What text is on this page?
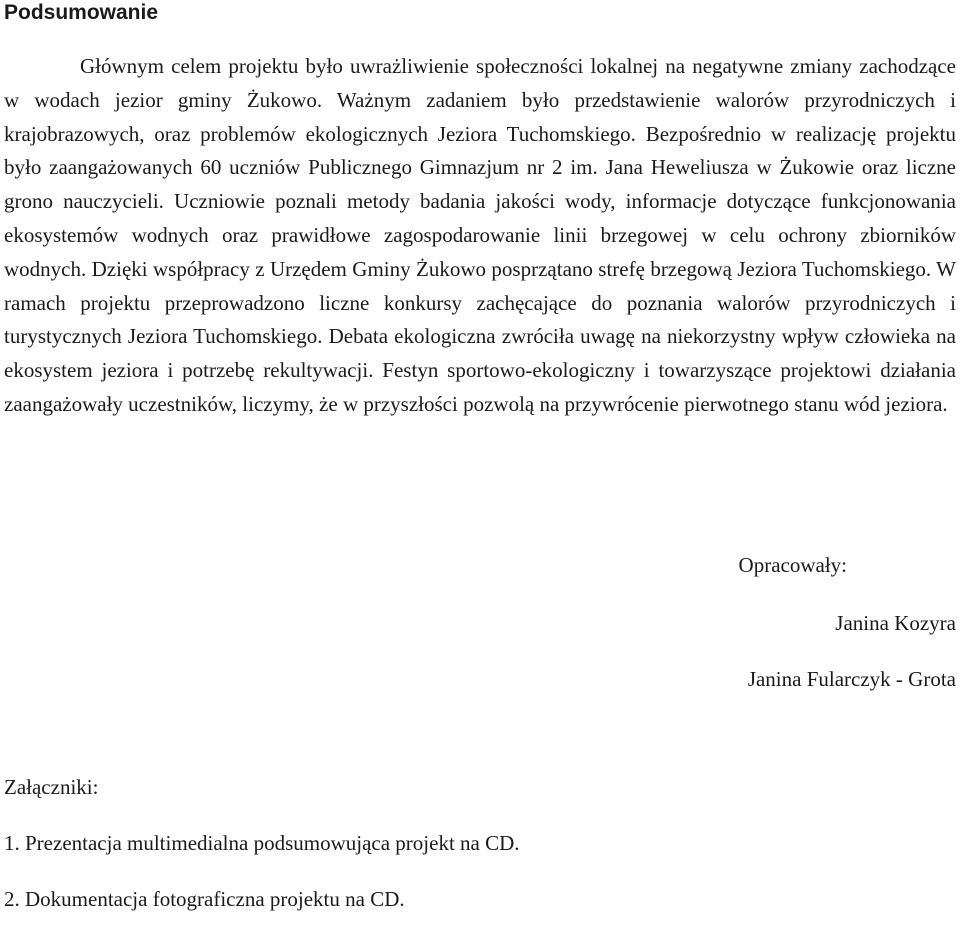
Podsumowanie

Głównym celem projektu było uwrażliwienie społeczności lokalnej na negatywne zmiany zachodzące w wodach jezior gminy Żukowo. Ważnym zadaniem było przedstawienie walorów przyrodniczych i krajobrazowych, oraz problemów ekologicznych Jeziora Tuchomskiego. Bezpośrednio w realizację projektu było zaangażowanych 60 uczniów Publicznego Gimnazjum nr 2 im. Jana Heweliusza w Żukowie oraz liczne grono nauczycieli. Uczniowie poznali metody badania jakości wody, informacje dotyczące funkcjonowania ekosystemów wodnych oraz prawidłowe zagospodarowanie linii brzegowej w celu ochrony zbiorników wodnych. Dzięki współpracy z Urzędem Gminy Żukowo posprzątano strefę brzegową Jeziora Tuchomskiego. W ramach projektu przeprowadzono liczne konkursy zachęcające do poznania walorów przyrodniczych i turystycznych Jeziora Tuchomskiego. Debata ekologiczna zwróciła uwagę na niekorzystny wpływ człowieka na ekosystem jeziora i potrzebę rekultywacji. Festyn sportowo-ekologiczny i towarzyszące projektowi działania zaangażowały uczestników, liczymy, że w przyszłości pozwolą na przywrócenie pierwotnego stanu wód jeziora.

Opracowały:
Janina Kozyra
Janina Fularczyk - Grota
Załączniki:
1. Prezentacja multimedialna podsumowująca projekt na CD.
2. Dokumentacja fotograficzna projektu na CD.
